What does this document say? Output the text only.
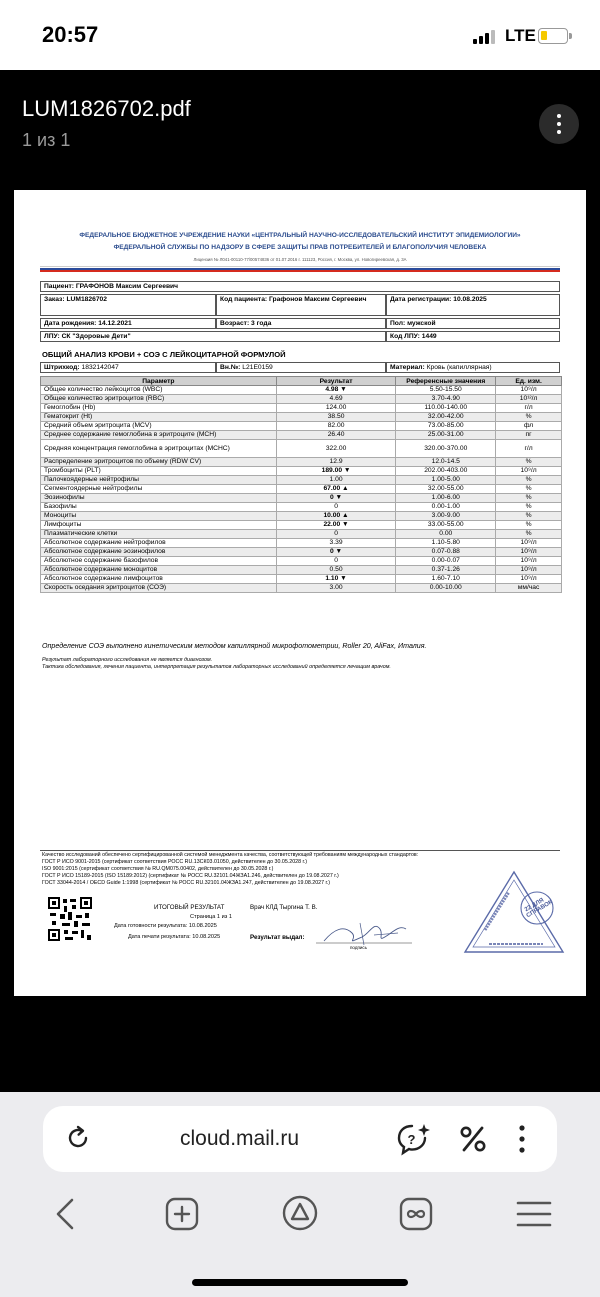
20:57	LTE
LUM1826702.pdf
1 из 1
ФЕДЕРАЛЬНОЕ БЮДЖЕТНОЕ УЧРЕЖДЕНИЕ НАУКИ «ЦЕНТРАЛЬНЫЙ НАУЧНО-ИССЛЕДОВАТЕЛЬСКИЙ ИНСТИТУТ ЭПИДЕМИОЛОГИИ»
ФЕДЕРАЛЬНОЙ СЛУЖБЫ ПО НАДЗОРУ В СФЕРЕ ЗАЩИТЫ ПРАВ ПОТРЕБИТЕЛЕЙ И БЛАГОПОЛУЧИЯ ЧЕЛОВЕКА
Лицензия № Л041-00110-77/00574836 от 01.07.2016 г. 111123, Россия, г. Москва, ул. Новогиреевская, д. 3А
Пациент: ГРАФОНОВ Максим Сергеевич
Заказ: LUM1826702	Код пациента: Графонов Максим Сергеевич	Дата регистрации: 10.08.2025
Дата рождения: 14.12.2021	Возраст: 3 года	Пол: мужской
ЛПУ: СК "Здоровые Дети"	Код ЛПУ: 1449
ОБЩИЙ АНАЛИЗ КРОВИ + СОЭ С ЛЕЙКОЦИТАРНОЙ ФОРМУЛОЙ
Штрихкод: 1832142047	Вн.№: L21E0159	Материал: Кровь (капиллярная)
Параметр	Результат	Референсные значения	Ед. изм.
Общее количество лейкоцитов (WBC)	4.98 ▼	5.50-15.50	10⁹/л
Общее количество эритроцитов (RBC)	4.69	3.70-4.90	10¹²/л
Гемоглобин (Hb)	124.00	110.00-140.00	г/л
Гематокрит (Ht)	38.50	32.00-42.00	%
Средний объем эритроцита (MCV)	82.00	73.00-85.00	фл
Среднее содержание гемоглобина в эритроците (MCH)	26.40	25.00-31.00	пг
Средняя концентрация гемоглобина в эритроцитах (MCHC)	322.00	320.00-370.00	г/л
Распределение эритроцитов по объему (RDW CV)	12.9	12.0-14.5	%
Тромбоциты (PLT)	189.00 ▼	202.00-403.00	10⁹/л
Палочкоядерные нейтрофилы	1.00	1.00-5.00	%
Сегментоядерные нейтрофилы	67.00 ▲	32.00-55.00	%
Эозинофилы	0 ▼	1.00-6.00	%
Базофилы	0	0.00-1.00	%
Моноциты	10.00 ▲	3.00-9.00	%
Лимфоциты	22.00 ▼	33.00-55.00	%
Плазматические клетки	0	0.00	%
Абсолютное содержание нейтрофилов	3.39	1.10-5.80	10⁹/л
Абсолютное содержание эозинофилов	0 ▼	0.07-0.88	10⁹/л
Абсолютное содержание базофилов	0	0.00-0.07	10⁹/л
Абсолютное содержание моноцитов	0.50	0.37-1.26	10⁹/л
Абсолютное содержание лимфоцитов	1.10 ▼	1.60-7.10	10⁹/л
Скорость оседания эритроцитов (СОЭ)	3.00	0.00-10.00	мм/час
Определение СОЭ выполнено кинетическим методом капиллярной микрофотометрии, Roller 20, AliFax, Италия.
Результат лабораторного исследования не является диагнозом.
Тактика обследования, лечения пациента, интерпретация результатов лабораторных исследований определяется лечащим врачом.
Качество исследований обеспечено сертифицированной системой менеджмента качества, соответствующей требованиям международных стандартов:
ГОСТ Р ИСО 9001-2015 (сертификат соответствия РОСС RU.13СК03.01050, действителен до 30.05.2028 г.)
ISO 9001:2015 (сертификат соответствия № RU.QM075.00402, действителен до 30.05.2028 г.)
ГОСТ Р ИСО 15189-2015 (ISO 15189:2012) (сертификат № РОСС RU.32101.04ЖЗА1.246, действителен до 19.08.2027 г.)
ГОСТ 33044-2014 / OECD Guide 1:1998 (сертификат № РОСС RU.32101.04ЖЗА1.247, действителен до 19.08.2027 г.)
ИТОГОВЫЙ РЕЗУЛЬТАТ	Врач КЛД Тыргина Т. В.
Страница 1 из 1
Дата готовности результата: 10.08.2025
Дата печати результата: 10.08.2025	Результат выдал:
подпись
22 ДЛЯ СПРАВОК
cloud.mail.ru	?
